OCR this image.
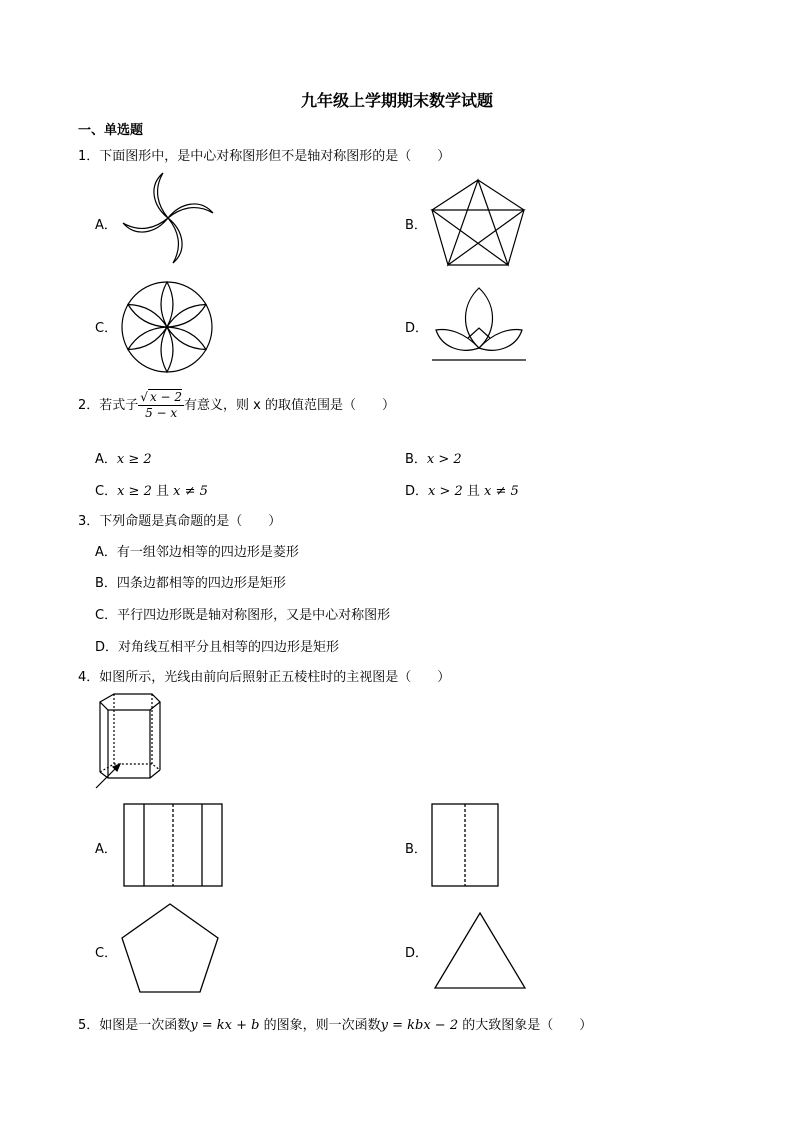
九年级上学期期末数学试题
一、单选题
1．下面图形中，是中心对称图形但不是轴对称图形的是（　　）
A．	B．
C．	D．
2．若式子 $\frac{√ x - 2}{5 - x}$ 有意义，则 x 的取值范围是（　　）
A．x ≥ 2	B．x > 2
C．x ≥ 2 且 x ≠ 5	D．x > 2 且 x ≠ 5
3．下列命题是真命题的是（　　）
A．有一组邻边相等的四边形是菱形
B．四条边都相等的四边形是矩形
C．平行四边形既是轴对称图形，又是中心对称图形
D．对角线互相平分且相等的四边形是矩形
4．如图所示，光线由前向后照射正五棱柱时的主视图是（　　）
A．	B．
C．	D．
5．如图是一次函数y = kx + b 的图象，则一次函数y = kbx − 2 的大致图象是（　　）
